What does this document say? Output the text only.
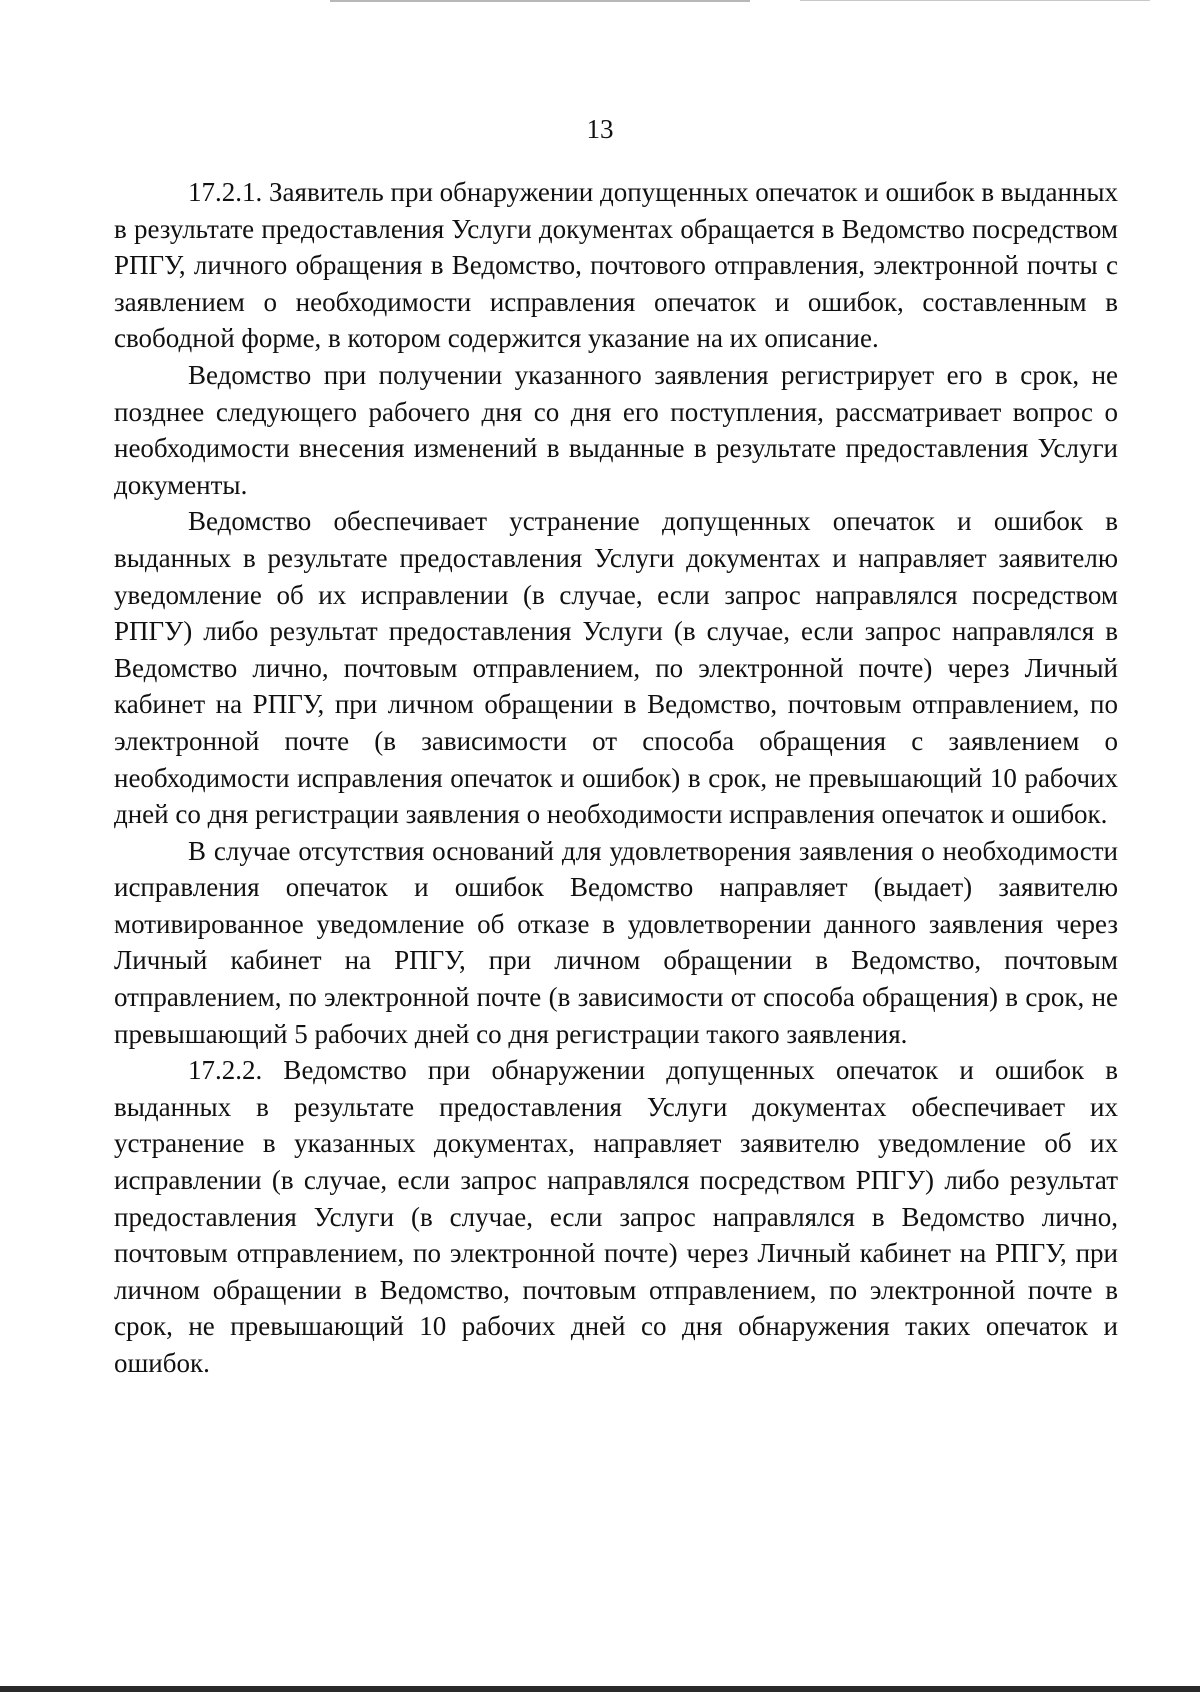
13

17.2.1. Заявитель при обнаружении допущенных опечаток и ошибок в выданных в результате предоставления Услуги документах обращается в Ведомство посредством РПГУ, личного обращения в Ведомство, почтового отправления, электронной почты с заявлением о необходимости исправления опечаток и ошибок, составленным в свободной форме, в котором содержится указание на их описание.

Ведомство при получении указанного заявления регистрирует его в срок, не позднее следующего рабочего дня со дня его поступления, рассматривает вопрос о необходимости внесения изменений в выданные в результате предоставления Услуги документы.

Ведомство обеспечивает устранение допущенных опечаток и ошибок в выданных в результате предоставления Услуги документах и направляет заявителю уведомление об их исправлении (в случае, если запрос направлялся посредством РПГУ) либо результат предоставления Услуги (в случае, если запрос направлялся в Ведомство лично, почтовым отправлением, по электронной почте) через Личный кабинет на РПГУ, при личном обращении в Ведомство, почтовым отправлением, по электронной почте (в зависимости от способа обращения с заявлением о необходимости исправления опечаток и ошибок) в срок, не превышающий 10 рабочих дней со дня регистрации заявления о необходимости исправления опечаток и ошибок.

В случае отсутствия оснований для удовлетворения заявления о необходимости исправления опечаток и ошибок Ведомство направляет (выдает) заявителю мотивированное уведомление об отказе в удовлетворении данного заявления через Личный кабинет на РПГУ, при личном обращении в Ведомство, почтовым отправлением, по электронной почте (в зависимости от способа обращения) в срок, не превышающий 5 рабочих дней со дня регистрации такого заявления.

17.2.2. Ведомство при обнаружении допущенных опечаток и ошибок в выданных в результате предоставления Услуги документах обеспечивает их устранение в указанных документах, направляет заявителю уведомление об их исправлении (в случае, если запрос направлялся посредством РПГУ) либо результат предоставления Услуги (в случае, если запрос направлялся в Ведомство лично, почтовым отправлением, по электронной почте) через Личный кабинет на РПГУ, при личном обращении в Ведомство, почтовым отправлением, по электронной почте в срок, не превышающий 10 рабочих дней со дня обнаружения таких опечаток и ошибок.
